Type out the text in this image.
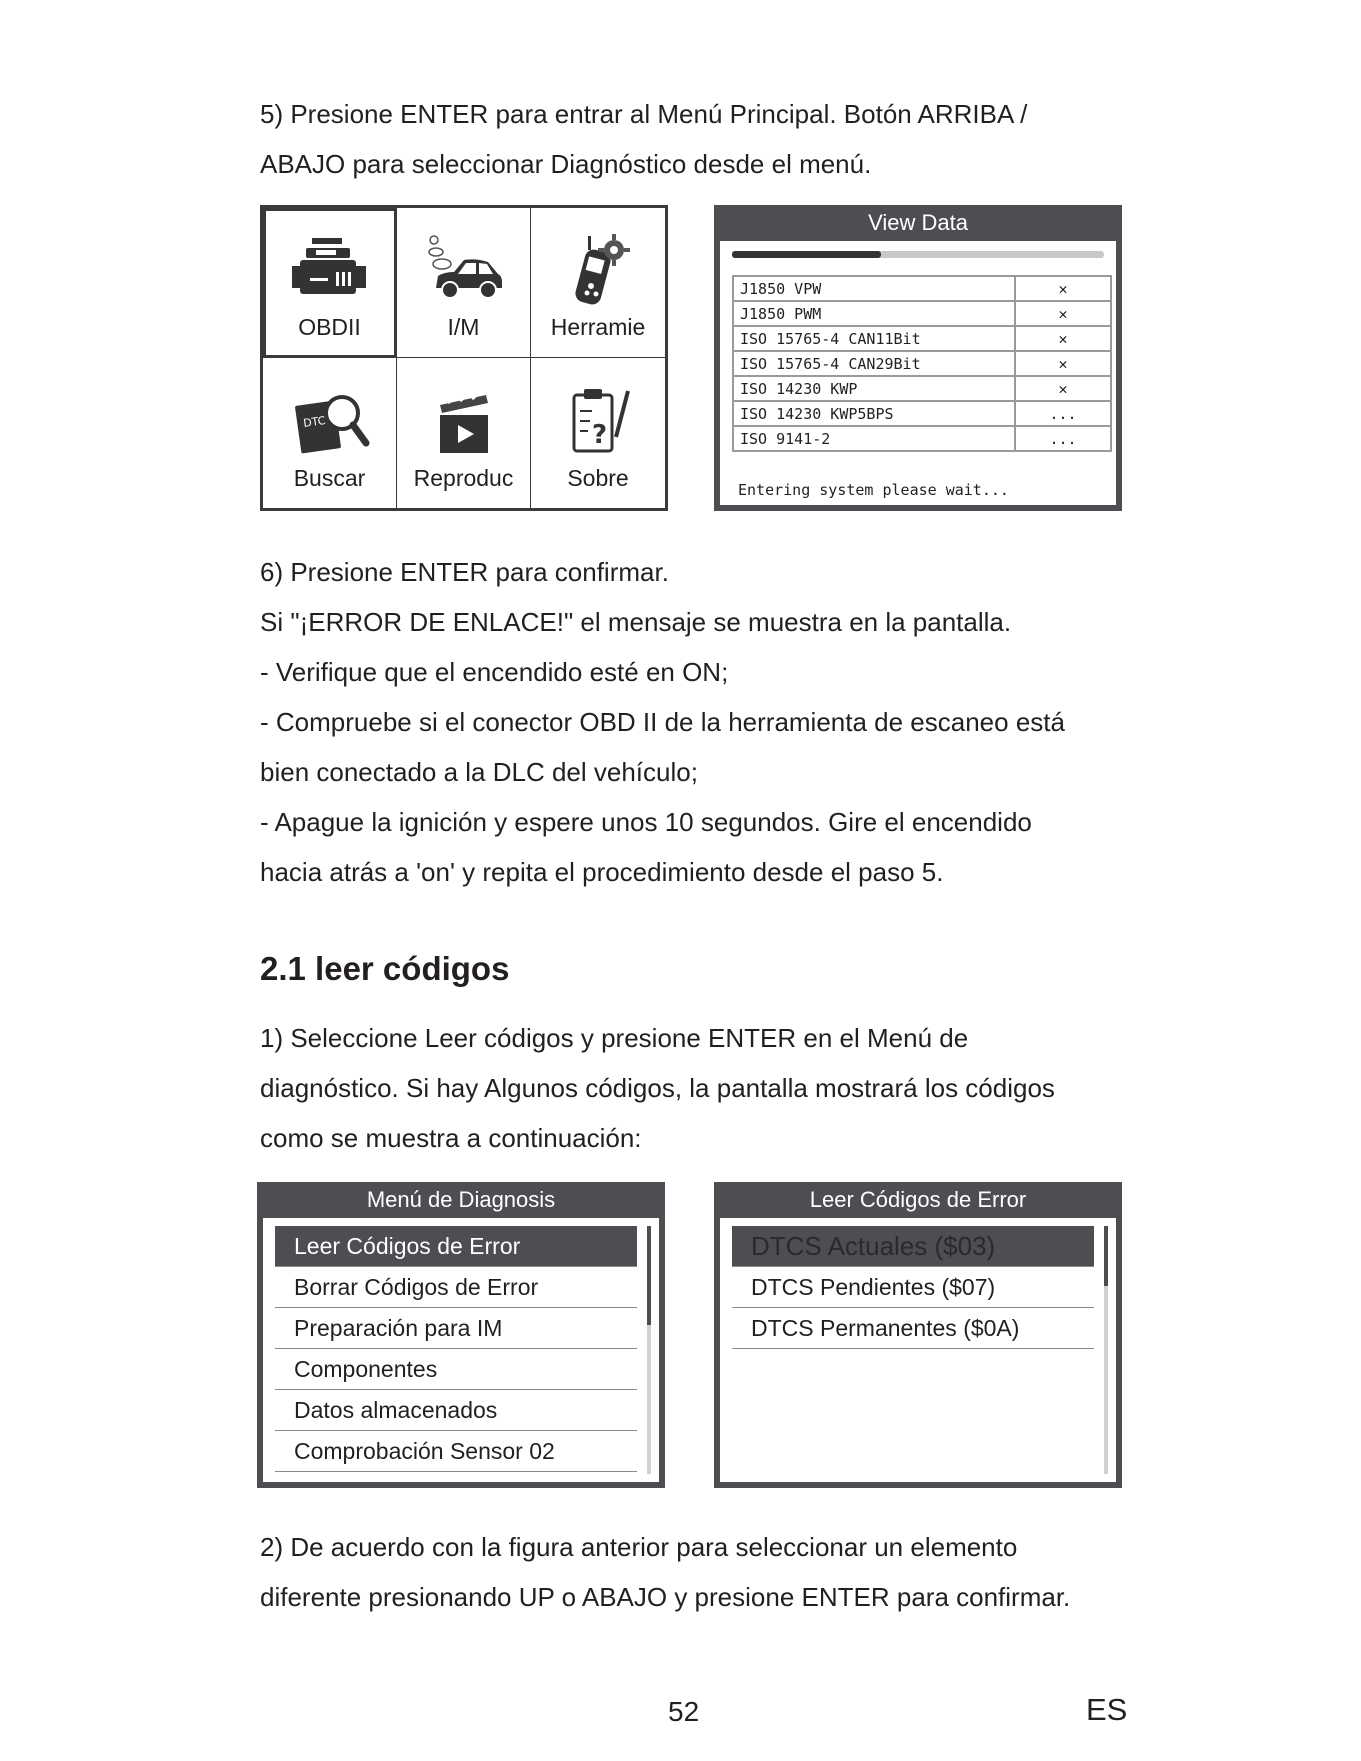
5) Presione ENTER para entrar al Menú Principal. Botón ARRIBA /

ABAJO para seleccionar Diagnóstico desde el menú.

OBDII	I/M	Herramie
DTC
Buscar Reproduc
?
Sobre
View Data
J1850 VPW	✕
J1850 PWM	✕
ISO 15765-4 CAN11Bit	✕
ISO 15765-4 CAN29Bit	✕
ISO 14230 KWP	✕
ISO 14230 KWP5BPS	...
ISO 9141-2	...
Entering system please wait...

6) Presione ENTER para confirmar.

Si "¡ERROR DE ENLACE!" el mensaje se muestra en la pantalla.

- Verifique que el encendido esté en ON;

- Compruebe si el conector OBD II de la herramienta de escaneo está

bien conectado a la DLC del vehículo;

- Apague la ignición y espere unos 10 segundos. Gire el encendido

hacia atrás a 'on' y repita el procedimiento desde el paso 5.

2.1 leer códigos

1) Seleccione Leer códigos y presione ENTER en el Menú de

diagnóstico. Si hay Algunos códigos, la pantalla mostrará los códigos

como se muestra a continuación:

Menú de Diagnosis
Leer Códigos de Error
Borrar Códigos de Error
Preparación para IM
Componentes
Datos almacenados
Comprobación Sensor 02
Leer Códigos de Error
DTCS Actuales ($03)
DTCS Pendientes ($07)
DTCS Permanentes ($0A)

2) De acuerdo con la figura anterior para seleccionar un elemento

diferente presionando UP o ABAJO y presione ENTER para confirmar.

52	ES
